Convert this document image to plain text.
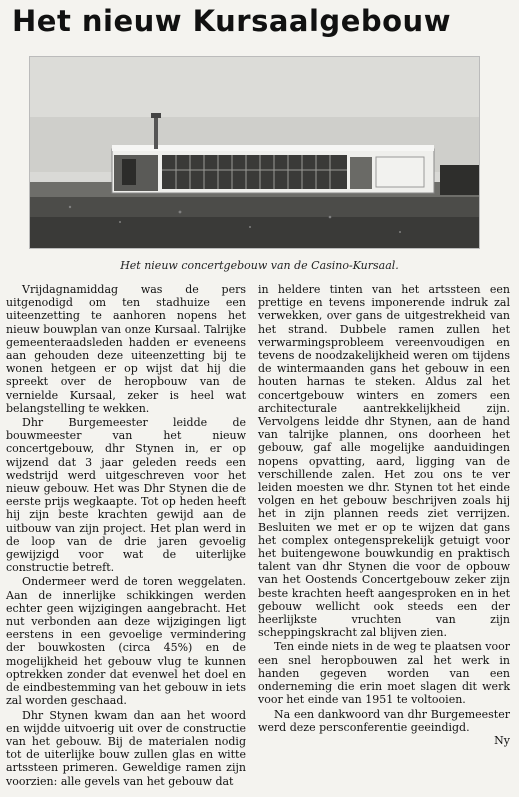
Het nieuw Kursaalgebouw
Het nieuw concertgebouw van de Casino-Kursaal.

Vrijdagnamiddag was de pers uitgenodigd om ten stadhuize een uiteenzetting te aanhoren nopens het nieuw bouwplan van onze Kursaal. Talrijke gemeenteraadsleden hadden er eveneens aan gehouden deze uiteenzetting bij te wonen hetgeen er op wijst dat hij die spreekt over de heropbouw van de vernielde Kursaal, zeker is heel wat belangstelling te wekken.

Dhr Burgemeester leidde de bouwmeester van het nieuw concertgebouw, dhr Stynen in, er op wijzend dat 3 jaar geleden reeds een wedstrijd werd uitgeschreven voor het nieuw gebouw. Het was Dhr Stynen die de eerste prijs wegkaapte. Tot op heden heeft hij zijn beste krachten gewijd aan de uitbouw van zijn project. Het plan werd in de loop van de drie jaren gevoelig gewijzigd voor wat de uiterlijke constructie betreft.

Ondermeer werd de toren weggelaten. Aan de innerlijke schikkingen werden echter geen wijzigingen aangebracht. Het nut verbonden aan deze wijzigingen ligt eerstens in een gevoelige vermindering der bouwkosten (circa 45%) en de mogelijkheid het gebouw vlug te kunnen optrekken zonder dat evenwel het doel en de eindbestemming van het gebouw in iets zal worden geschaad.

Dhr Stynen kwam dan aan het woord en wijdde uitvoerig uit over de constructie van het gebouw. Bij de materialen nodig tot de uiterlijke bouw zullen glas en witte artssteen primeren. Geweldige ramen zijn voorzien: alle gevels van het gebouw dat

in heldere tinten van het artssteen een prettige en tevens imponerende indruk zal verwekken, over gans de uitgestrekheid van het strand. Dubbele ramen zullen het verwarmingsprobleem vereenvoudigen en tevens de noodzakelijkheid weren om tijdens de wintermaanden gans het gebouw in een houten harnas te steken. Aldus zal het concertgebouw winters en zomers een architecturale aantrekkelijkheid zijn. Vervolgens leidde dhr Stynen, aan de hand van talrijke plannen, ons doorheen het gebouw, gaf alle mogelijke aanduidingen nopens opvatting, aard, ligging van de verschillende zalen. Het zou ons te ver leiden moesten we dhr. Stynen tot het einde volgen en het gebouw beschrijven zoals hij het in zijn plannen reeds ziet verrijzen. Besluiten we met er op te wijzen dat gans het complex ontegensprekelijk getuigt voor het buitengewone bouwkundig en praktisch talent van dhr Stynen die voor de opbouw van het Oostends Concertgebouw zeker zijn beste krachten heeft aangesproken en in het gebouw wellicht ook steeds een der heerlijkste vruchten van zijn scheppingskracht zal blijven zien.

Ten einde niets in de weg te plaatsen voor een snel heropbouwen zal het werk in handen gegeven worden van een onderneming die erin moet slagen dit werk voor het einde van 1951 te voltooien.

Na een dankwoord van dhr Burgemeester werd deze persconferentie geeindigd.

Ny
